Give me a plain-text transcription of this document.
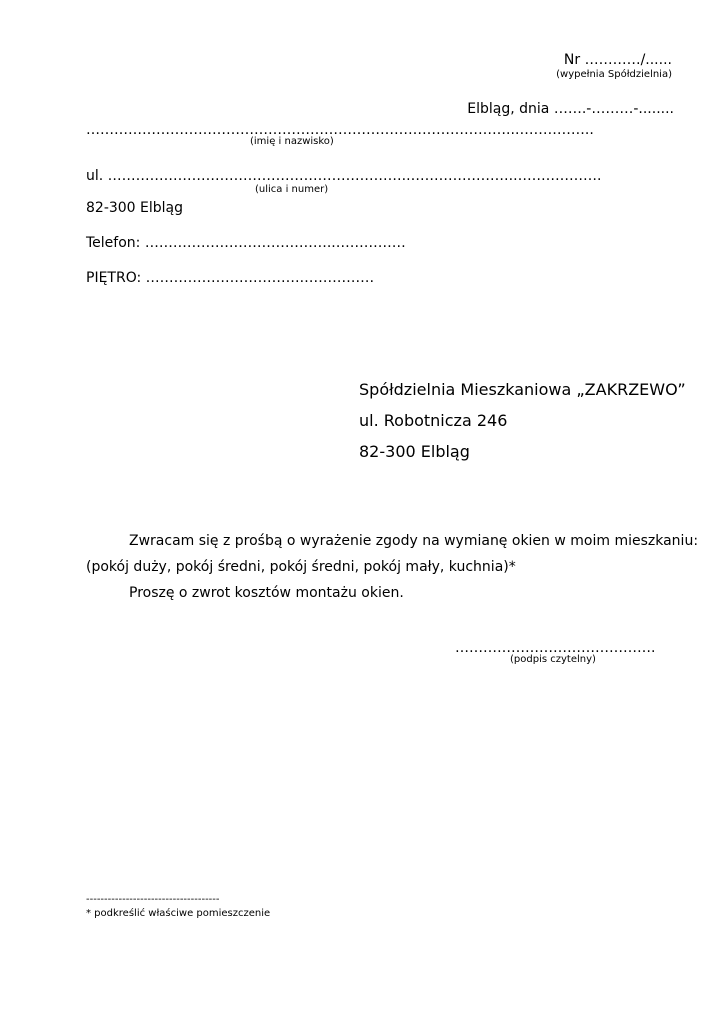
Nr …………/......
(wypełnia Spółdzielnia)
Elbląg, dnia …….-………-........
………………………………………………………………………………..……………..
(imię i nazwisko)
ul. ………………………………………………………..………………….……………….
(ulica i numer)
82-300 Elbląg
Telefon: …………………………………..……………
PIĘTRO: …………………………….……………
Spółdzielnia Mieszkaniowa „ZAKRZEWO”
ul. Robotnicza 246
82-300 Elbląg
Zwracam się z prośbą o wyrażenie zgody na wymianę okien w moim mieszkaniu:
(pokój duży, pokój średni, pokój średni, pokój mały, kuchnia)*
Proszę o zwrot kosztów montażu okien.
…………………………………….
(podpis czytelny)
-------------------------------------
* podkreślić właściwe pomieszczenie
